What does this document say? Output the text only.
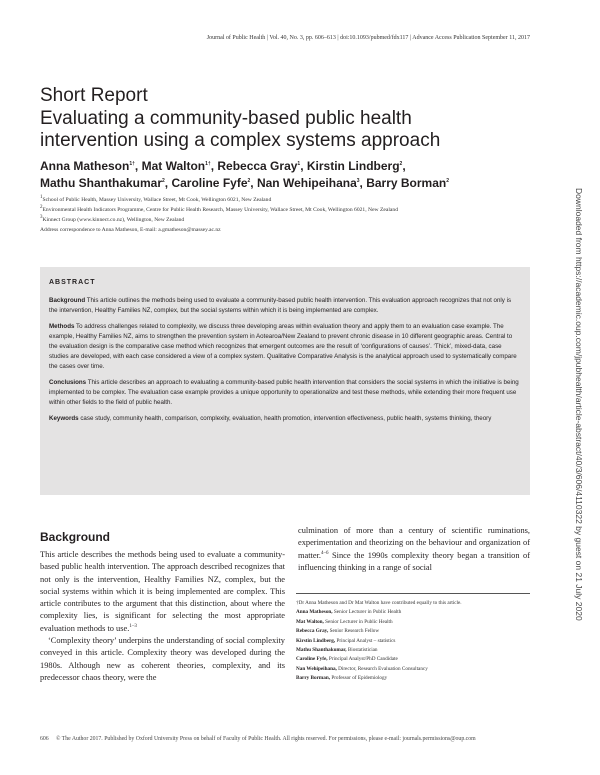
Journal of Public Health | Vol. 40, No. 3, pp. 606–613 | doi:10.1093/pubmed/fdx117 | Advance Access Publication September 11, 2017
Short Report
Evaluating a community-based public health intervention using a complex systems approach
Anna Matheson$^{1\dagger}$, Mat Walton$^{1\dagger}$, Rebecca Gray$^1$, Kirstin Lindberg$^2$,
Mathu Shanthakumar$^2$, Caroline Fyfe$^2$, Nan Wehipeihana$^3$, Barry Borman$^2$
$^1$School of Public Health, Massey University, Wallace Street, Mt Cook, Wellington 6021, New Zealand
$^2$Environmental Health Indicators Programme, Centre for Public Health Research, Massey University, Wallace Street, Mt Cook, Wellington 6021, New Zealand
$^3$Kinnect Group (www.kinnect.co.nz), Wellington, New Zealand
Address correspondence to Anna Matheson, E-mail: a.gmatheson@massey.ac.nz	Downloaded from https://academic.oup.com/jpubhealth/article-abstract/40/3/606/4110322 by guest on 21 July 2020
ABSTRACT
Background This article outlines the methods being used to evaluate a community-based public health intervention. This evaluation approach recognizes that not only is the intervention, Healthy Families NZ, complex, but the social systems within which it is being implemented are complex.
Methods To address challenges related to complexity, we discuss three developing areas within evaluation theory and apply them to an evaluation case example. The example, Healthy Families NZ, aims to strengthen the prevention system in Aotearoa/New Zealand to prevent chronic disease in 10 different geographic areas. Central to the evaluation design is the comparative case method which recognizes that emergent outcomes are the result of ‘configurations of causes’. ‘Thick’, mixed-data, case studies are developed, with each case considered a view of a complex system. Qualitative Comparative Analysis is the analytical approach used to systematically compare the cases over time.
Conclusions This article describes an approach to evaluating a community-based public health intervention that considers the social systems in which the initiative is being implemented to be complex. The evaluation case example provides a unique opportunity to operationalize and test these methods, while extending their more frequent use within other fields to the field of public health.
Keywords case study, community health, comparison, complexity, evaluation, health promotion, intervention effectiveness, public health, systems thinking, theory
Background

This article describes the methods being used to evaluate a community-based public health intervention. The approach described recognizes that not only is the intervention, Healthy Families NZ, complex, but the social systems within which it is being implemented are complex. This article contributes to the argument that this distinction, about where the complexity lies, is significant for selecting the most appropriate evaluation methods to use.$^{1-3}$

‘Complexity theory’ underpins the understanding of social complexity conveyed in this article. Complexity theory was developed during the 1980s. Although new as coherent theories, complexity, and its predecessor chaos theory, were the

culmination of more than a century of scientific ruminations, experimentation and theorizing on the behaviour and organization of matter.$^{4-6}$ Since the 1990s complexity theory began a transition of influencing thinking in a range of social

†Dr Anna Matheson and Dr Mat Walton have contributed equally to this article.
Anna Matheson, Senior Lecturer in Public Health
Mat Walton, Senior Lecturer in Public Health
Rebecca Gray, Senior Research Fellow
Kirstin Lindberg, Principal Analyst – statistics
Mathu Shanthakumar, Biostatistician
Caroline Fyfe, Principal Analyst/PhD Candidate
Nan Wehipeihana, Director, Research Evaluation Consultancy
Barry Borman, Professor of Epidemiology
606 © The Author 2017. Published by Oxford University Press on behalf of Faculty of Public Health. All rights reserved. For permissions, please e-mail: journals.permissions@oup.com
